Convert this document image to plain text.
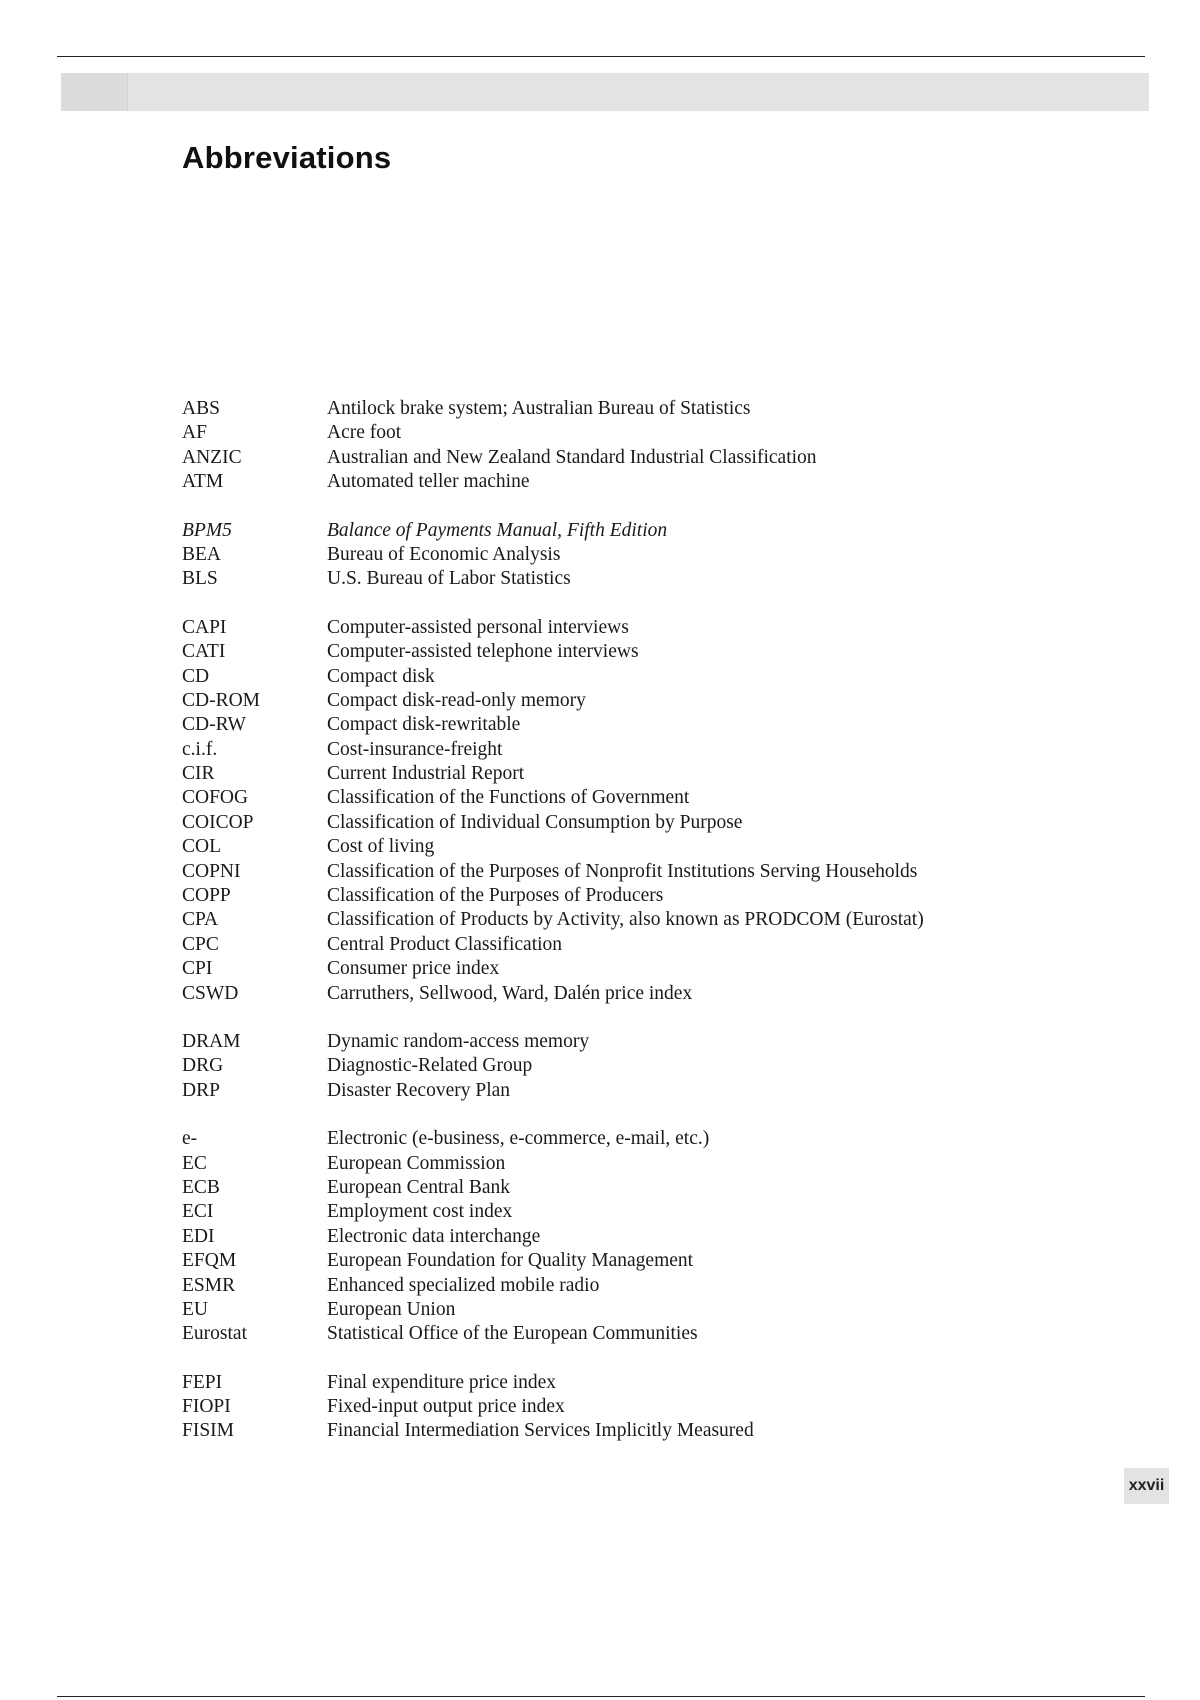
Abbreviations
ABS	Antilock brake system; Australian Bureau of Statistics
AF	Acre foot
ANZIC	Australian and New Zealand Standard Industrial Classification
ATM	Automated teller machine
BPM5	Balance of Payments Manual, Fifth Edition
BEA	Bureau of Economic Analysis
BLS	U.S. Bureau of Labor Statistics
CAPI	Computer-assisted personal interviews
CATI	Computer-assisted telephone interviews
CD	Compact disk
CD-ROM	Compact disk-read-only memory
CD-RW	Compact disk-rewritable
c.i.f.	Cost-insurance-freight
CIR	Current Industrial Report
COFOG	Classification of the Functions of Government
COICOP	Classification of Individual Consumption by Purpose
COL	Cost of living
COPNI	Classification of the Purposes of Nonprofit Institutions Serving Households
COPP	Classification of the Purposes of Producers
CPA	Classification of Products by Activity, also known as PRODCOM (Eurostat)
CPC	Central Product Classification
CPI	Consumer price index
CSWD	Carruthers, Sellwood, Ward, Dalén price index
DRAM	Dynamic random-access memory
DRG	Diagnostic-Related Group
DRP	Disaster Recovery Plan
e-	Electronic (e-business, e-commerce, e-mail, etc.)
EC	European Commission
ECB	European Central Bank
ECI	Employment cost index
EDI	Electronic data interchange
EFQM	European Foundation for Quality Management
ESMR	Enhanced specialized mobile radio
EU	European Union
Eurostat	Statistical Office of the European Communities
FEPI	Final expenditure price index
FIOPI	Fixed-input output price index
FISIM	Financial Intermediation Services Implicitly Measured
xxvii
